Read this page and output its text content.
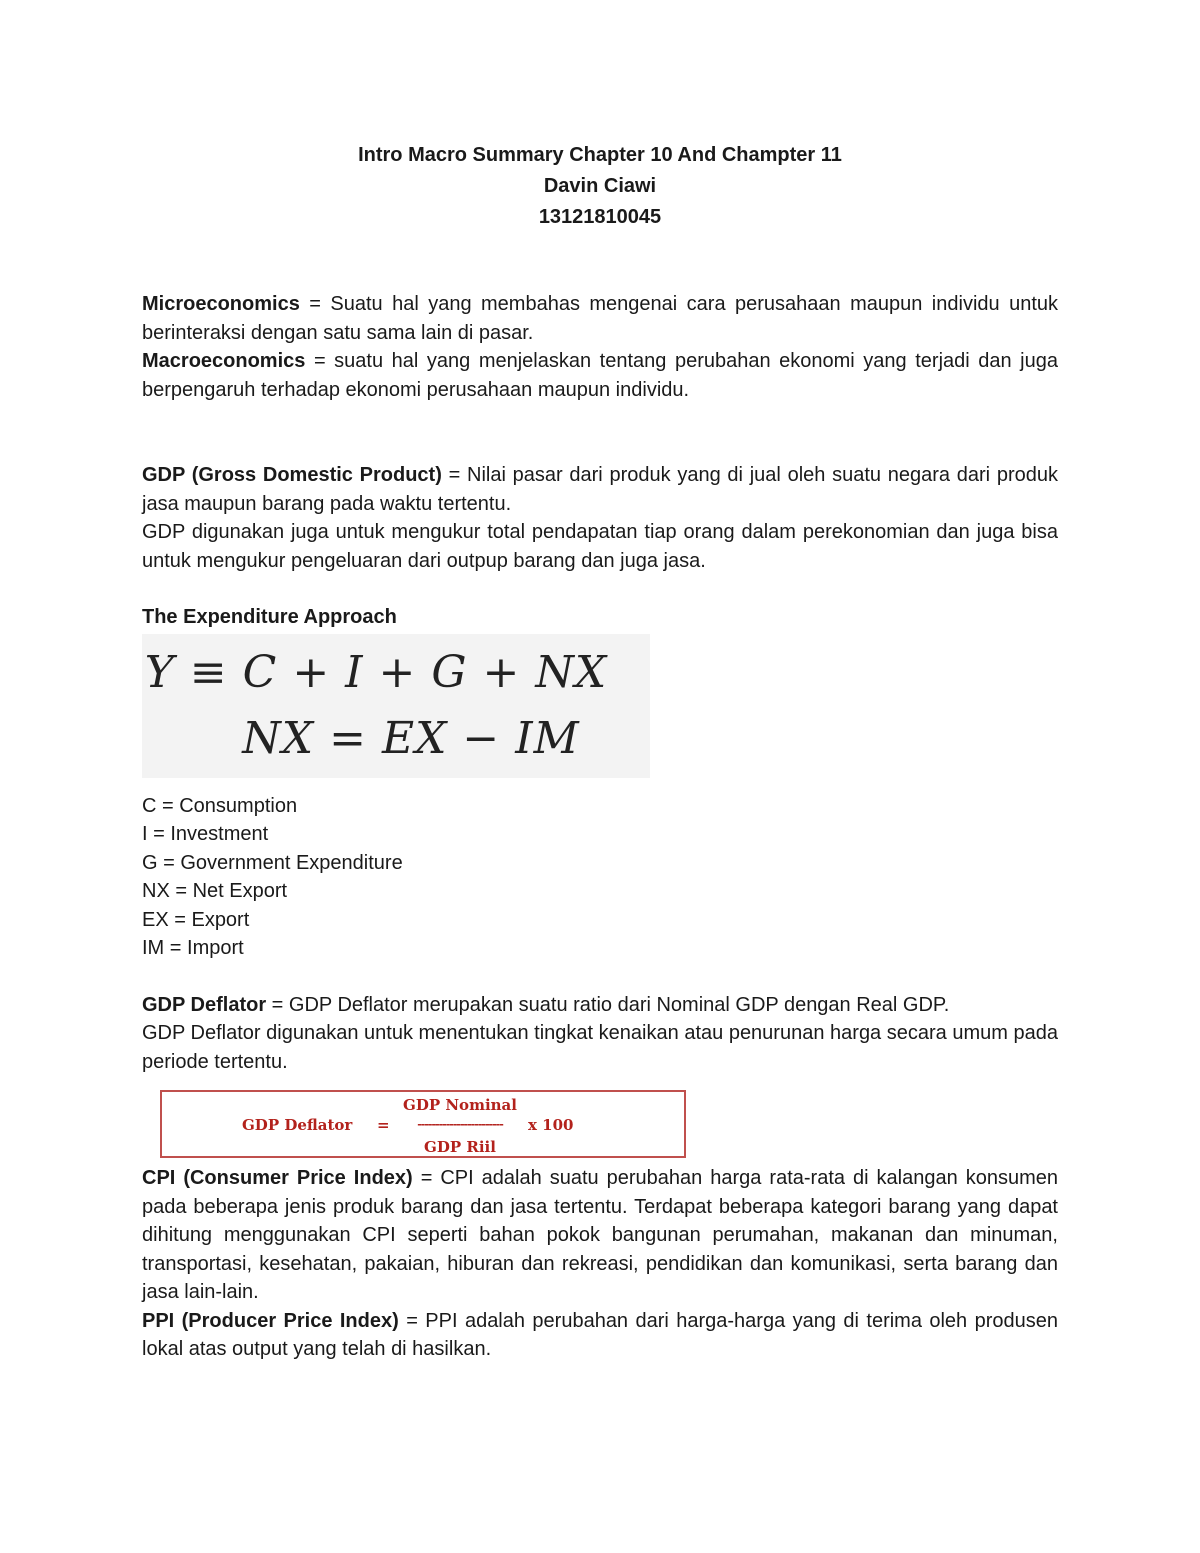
Intro Macro Summary Chapter 10 And Champter 11
Davin Ciawi
13121810045

Microeconomics = Suatu hal yang membahas mengenai cara perusahaan maupun individu untuk berinteraksi dengan satu sama lain di pasar.

Macroeconomics = suatu hal yang menjelaskan tentang perubahan ekonomi yang terjadi dan juga berpengaruh terhadap ekonomi perusahaan maupun individu.

GDP (Gross Domestic Product) = Nilai pasar dari produk yang di jual oleh suatu negara dari produk jasa maupun barang pada waktu tertentu.

GDP digunakan juga untuk mengukur total pendapatan tiap orang dalam perekonomian dan juga bisa untuk mengukur pengeluaran dari outpup barang dan juga jasa.

The Expenditure Approach

Y ≡ C + I + G + NX
NX = EX − IM

C = Consumption

I = Investment

G = Government Expenditure

NX = Net Export

EX = Export

IM = Import

GDP Deflator = GDP Deflator merupakan suatu ratio dari Nominal GDP dengan Real GDP.

GDP Deflator digunakan untuk menentukan tingkat kenaikan atau penurunan harga secara umum pada periode tertentu.

GDP Deflator =
GDP Nominal
------------------------
GDP Riil
x 100

CPI (Consumer Price Index) = CPI adalah suatu perubahan harga rata-rata di kalangan konsumen pada beberapa jenis produk barang dan jasa tertentu. Terdapat beberapa kategori barang yang dapat dihitung menggunakan CPI seperti bahan pokok bangunan perumahan, makanan dan minuman, transportasi, kesehatan, pakaian, hiburan dan rekreasi, pendidikan dan komunikasi, serta barang dan jasa lain-lain.

PPI (Producer Price Index) = PPI adalah perubahan dari harga-harga yang di terima oleh produsen lokal atas output yang telah di hasilkan.
